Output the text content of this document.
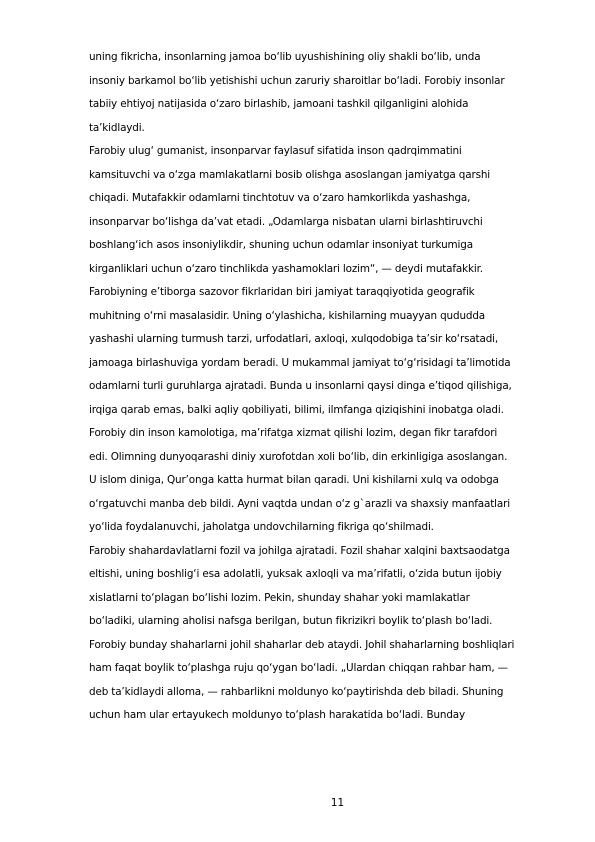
uning fikricha, insonlarning jamoa bo‘lib uyushishining oliy shakli bo‘lib, unda
insoniy barkamol bo‘lib yetishishi uchun zaruriy sharoitlar bo‘ladi. Forobiy insonlar
tabiiy ehtiyoj natijasida o‘zaro birlashib, jamoani tashkil qilganligini alohida
ta’kidlaydi.
Farobiy ulug‘ gumanist, insonparvar faylasuf sifatida inson qadrqimmatini
kamsituvchi va o‘zga mamlakatlarni bosib olishga asoslangan jamiyatga qarshi
chiqadi. Mutafakkir odamlarni tinchtotuv va o‘zaro hamkorlikda yashashga,
insonparvar bo‘lishga da’vat etadi. „Odamlarga nisbatan ularni birlashtiruvchi
boshlang‘ich asos insoniylikdir, shuning uchun odamlar insoniyat turkumiga
kirganliklari uchun o‘zaro tinchlikda yashamoklari lozim“, — deydi mutafakkir.
Farobiyning e’tiborga sazovor fikrlaridan biri jamiyat taraqqiyotida geografik
muhitning o‘rni masalasidir. Uning o‘ylashicha, kishilarning muayyan qududda
yashashi ularning turmush tarzi, urfodatlari, axloqi, xulqodobiga ta’sir ko‘rsatadi,
jamoaga birlashuviga yordam beradi. U mukammal jamiyat to‘g‘risidagi ta’limotida
odamlarni turli guruhlarga ajratadi. Bunda u insonlarni qaysi dinga e’tiqod qilishiga,
irqiga qarab emas, balki aqliy qobiliyati, bilimi, ilmfanga qiziqishini inobatga oladi.
Forobiy din inson kamolotiga, ma’rifatga xizmat qilishi lozim, degan fikr tarafdori
edi. Olimning dunyoqarashi diniy xurofotdan xoli bo‘lib, din erkinligiga asoslangan.
U islom diniga, Qur’onga katta hurmat bilan qaradi. Uni kishilarni xulq va odobga
o‘rgatuvchi manba deb bildi. Ayni vaqtda undan o‘z g`arazli va shaxsiy manfaatlari
yo‘lida foydalanuvchi, jaholatga undovchilarning fikriga qo‘shilmadi.
Farobiy shahardavlatlarni fozil va johilga ajratadi. Fozil shahar xalqini baxtsaodatga
eltishi, uning boshlig‘i esa adolatli, yuksak axloqli va ma’rifatli, o‘zida butun ijobiy
xislatlarni to‘plagan bo‘lishi lozim. Pekin, shunday shahar yoki mamlakatlar
bo‘ladiki, ularning aholisi nafsga berilgan, butun fikrizikri boylik to‘plash bo‘ladi.
Forobiy bunday shaharlarni johil shaharlar deb ataydi. Johil shaharlarning boshliqlari
ham faqat boylik to‘plashga ruju qo‘ygan bo‘ladi. „Ulardan chiqqan rahbar ham, —
deb ta’kidlaydi alloma, — rahbarlikni moldunyo ko‘paytirishda deb biladi. Shuning
uchun ham ular ertayukech moldunyo to‘plash harakatida bo‘ladi. Bunday
11
